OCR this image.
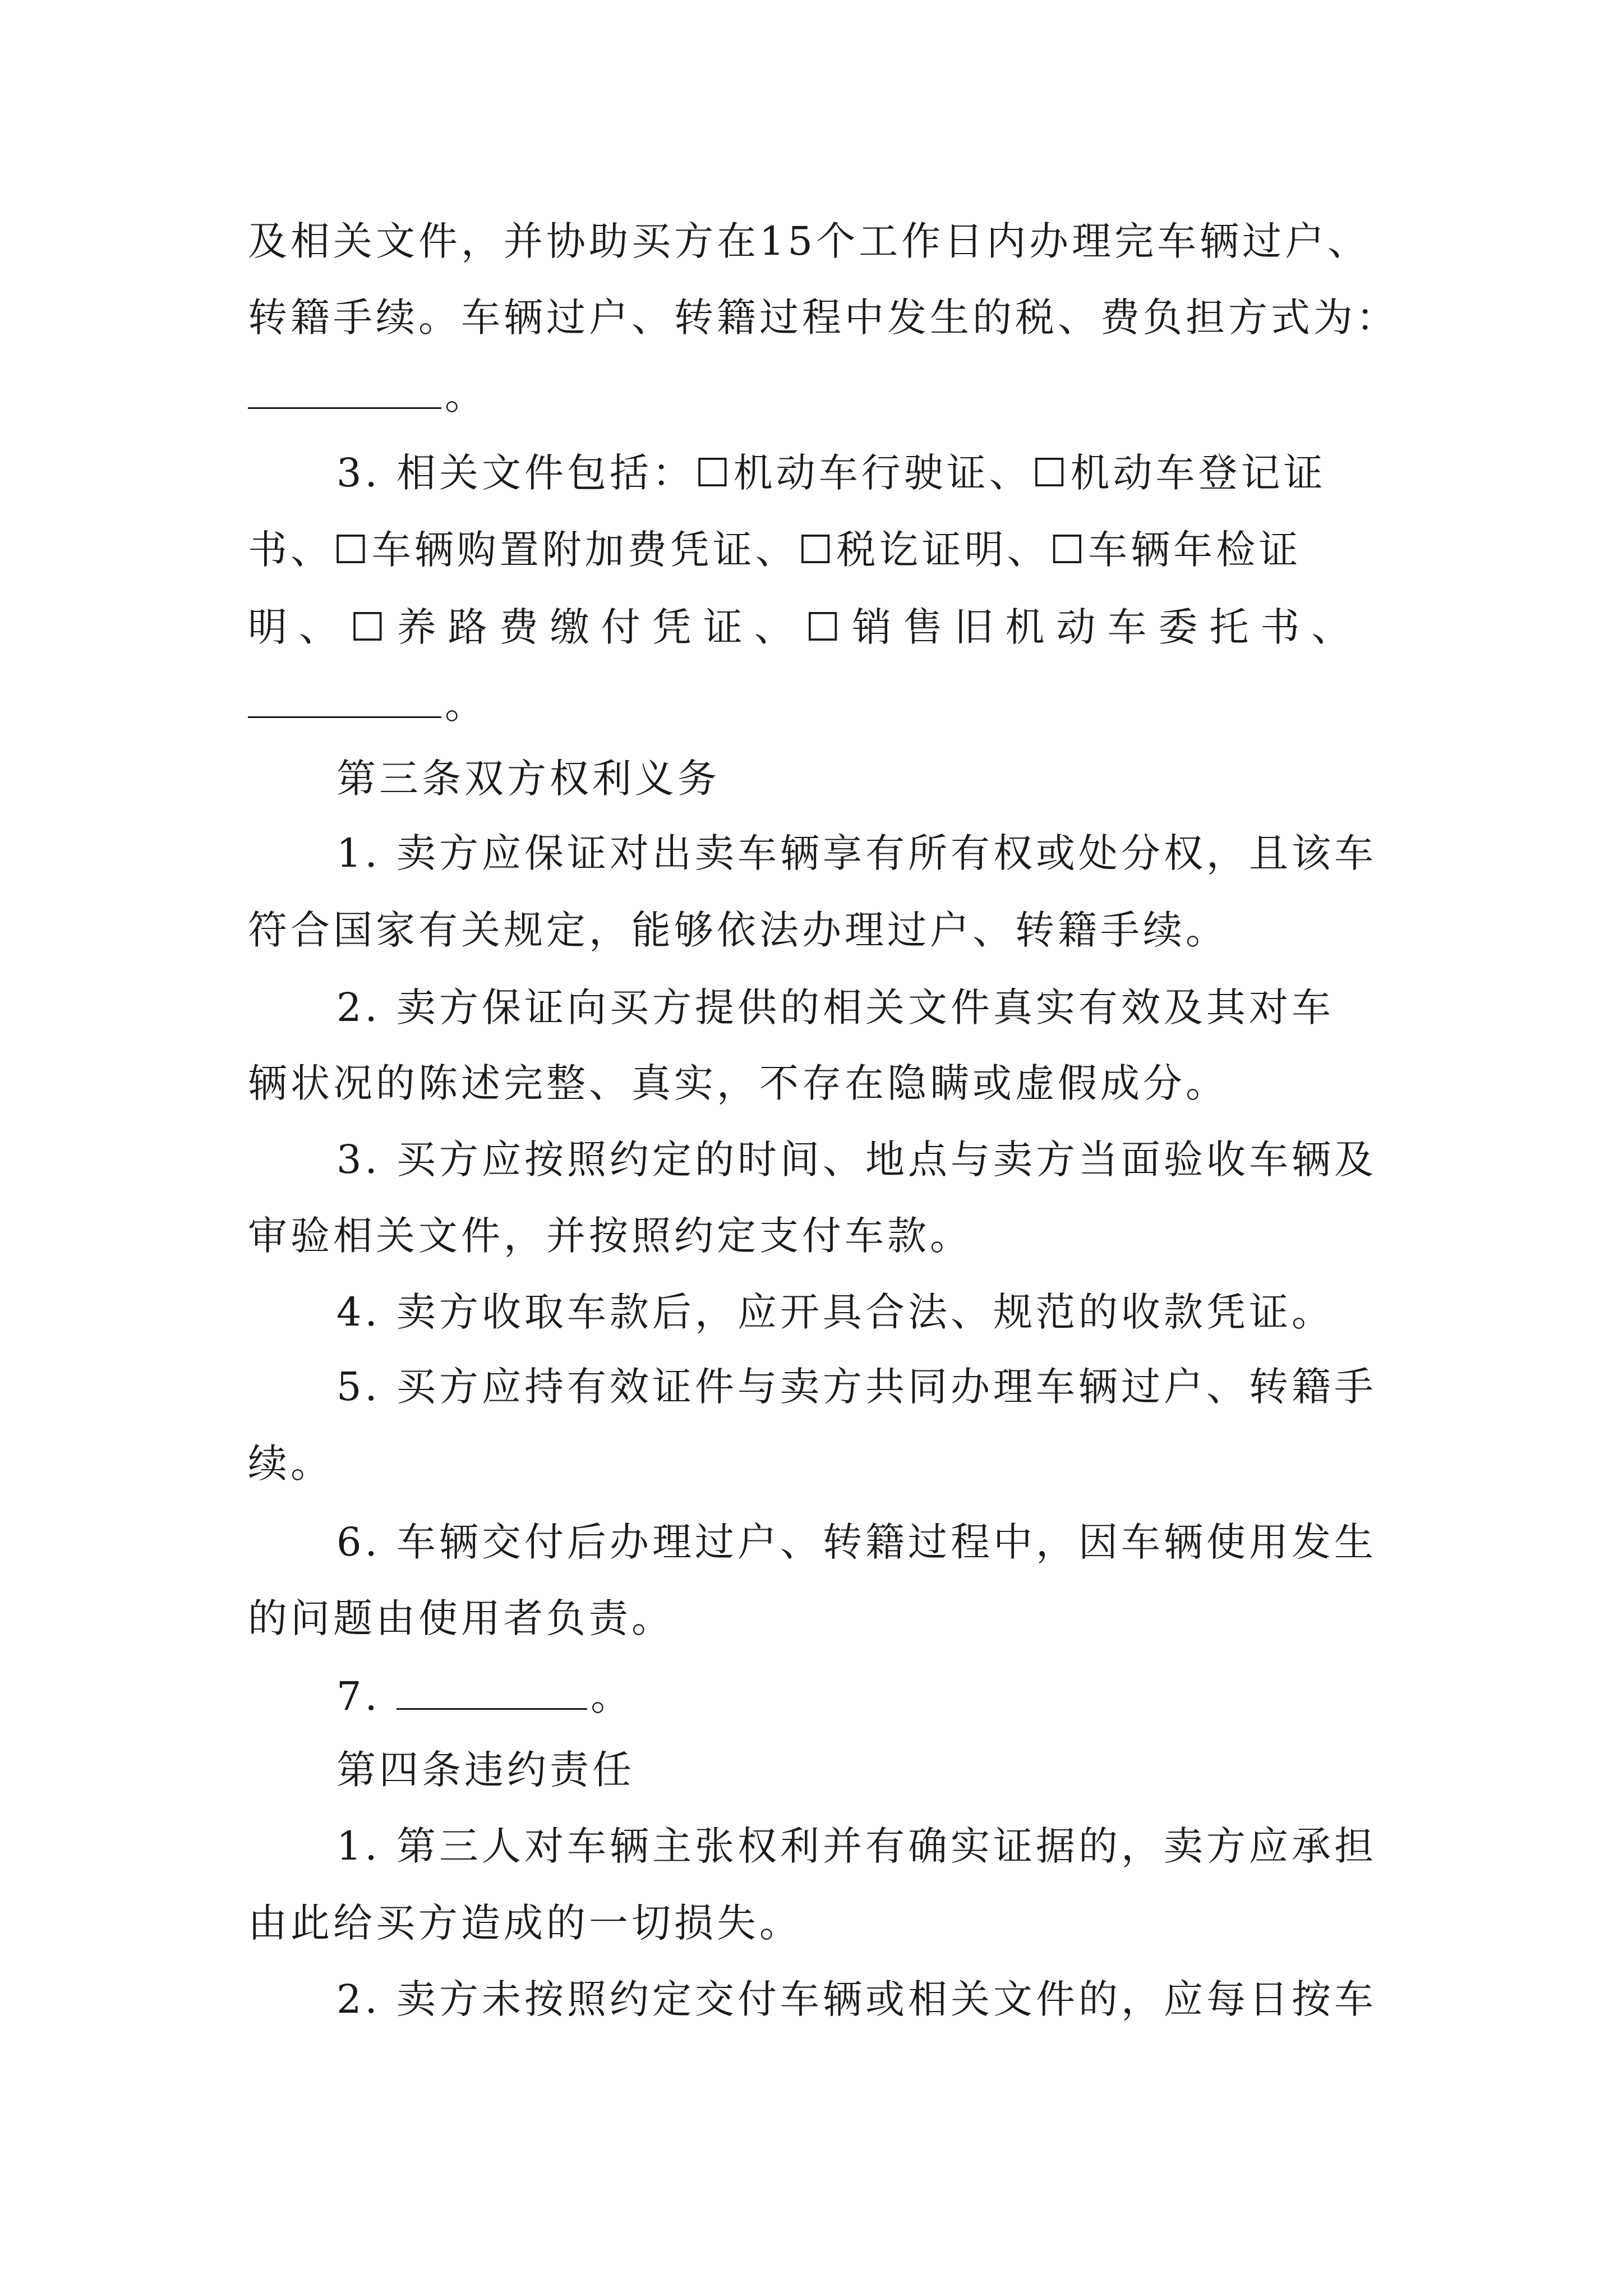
及相关文件，并协助买方在15个工作日内办理完车辆过户、
转籍手续。车辆过户、转籍过程中发生的税、费负担方式为：
。
3. 相关文件包括：☐机动车行驶证、☐机动车登记证
书、☐车辆购置附加费凭证、☐税讫证明、☐车辆年检证
明、☐养路费缴付凭证、☐销售旧机动车委托书、
。
第三条双方权利义务
1. 卖方应保证对出卖车辆享有所有权或处分权，且该车
符合国家有关规定，能够依法办理过户、转籍手续。
2. 卖方保证向买方提供的相关文件真实有效及其对车
辆状况的陈述完整、真实，不存在隐瞒或虚假成分。
3. 买方应按照约定的时间、地点与卖方当面验收车辆及
审验相关文件，并按照约定支付车款。
4. 卖方收取车款后，应开具合法、规范的收款凭证。
5. 买方应持有效证件与卖方共同办理车辆过户、转籍手
续。
6. 车辆交付后办理过户、转籍过程中，因车辆使用发生
的问题由使用者负责。
7.	。
第四条违约责任
1. 第三人对车辆主张权利并有确实证据的，卖方应承担
由此给买方造成的一切损失。
2. 卖方未按照约定交付车辆或相关文件的，应每日按车
